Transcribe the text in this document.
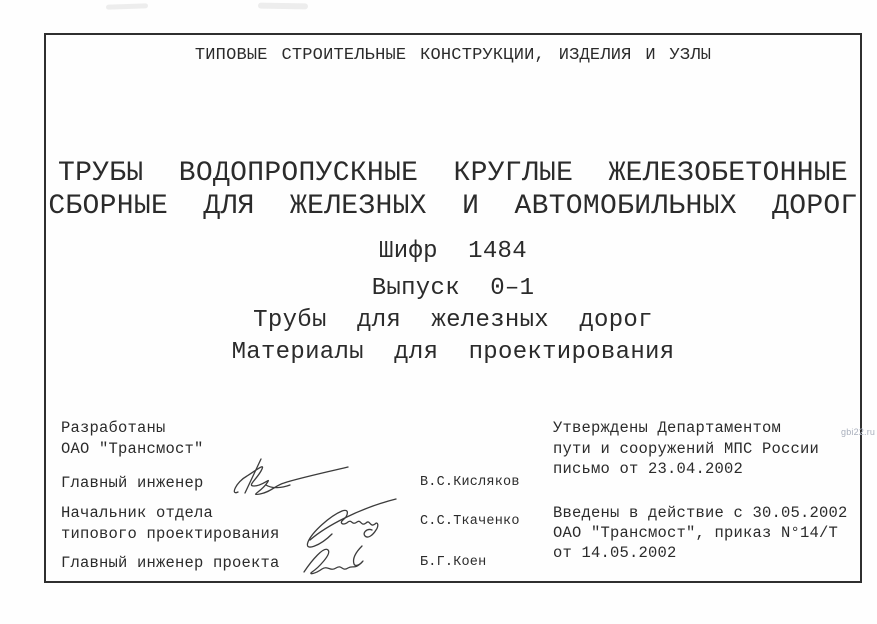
ТИПОВЫЕ СТРОИТЕЛЬНЫЕ КОНСТРУКЦИИ, ИЗДЕЛИЯ И УЗЛЫ
ТРУБЫ ВОДОПРОПУСКНЫЕ КРУГЛЫЕ ЖЕЛЕЗОБЕТОННЫЕ
СБОРНЫЕ ДЛЯ ЖЕЛЕЗНЫХ И АВТОМОБИЛЬНЫХ ДОРОГ
Шифр 1484
Выпуск 0–1
Трубы для железных дорог
Материалы для проектирования
Разработаны
ОАО "Трансмост"
Главный инженер
Начальник отдела
типового проектирования
Главный инженер проекта
В.С.Кисляков
С.С.Ткаченко
Б.Г.Коен
Утверждены Департаментом
пути и сооружений МПС России
письмо от 23.04.2002
Введены в действие с 30.05.2002
ОАО "Трансмост", приказ N°14/Т
от 14.05.2002
gbi22.ru
